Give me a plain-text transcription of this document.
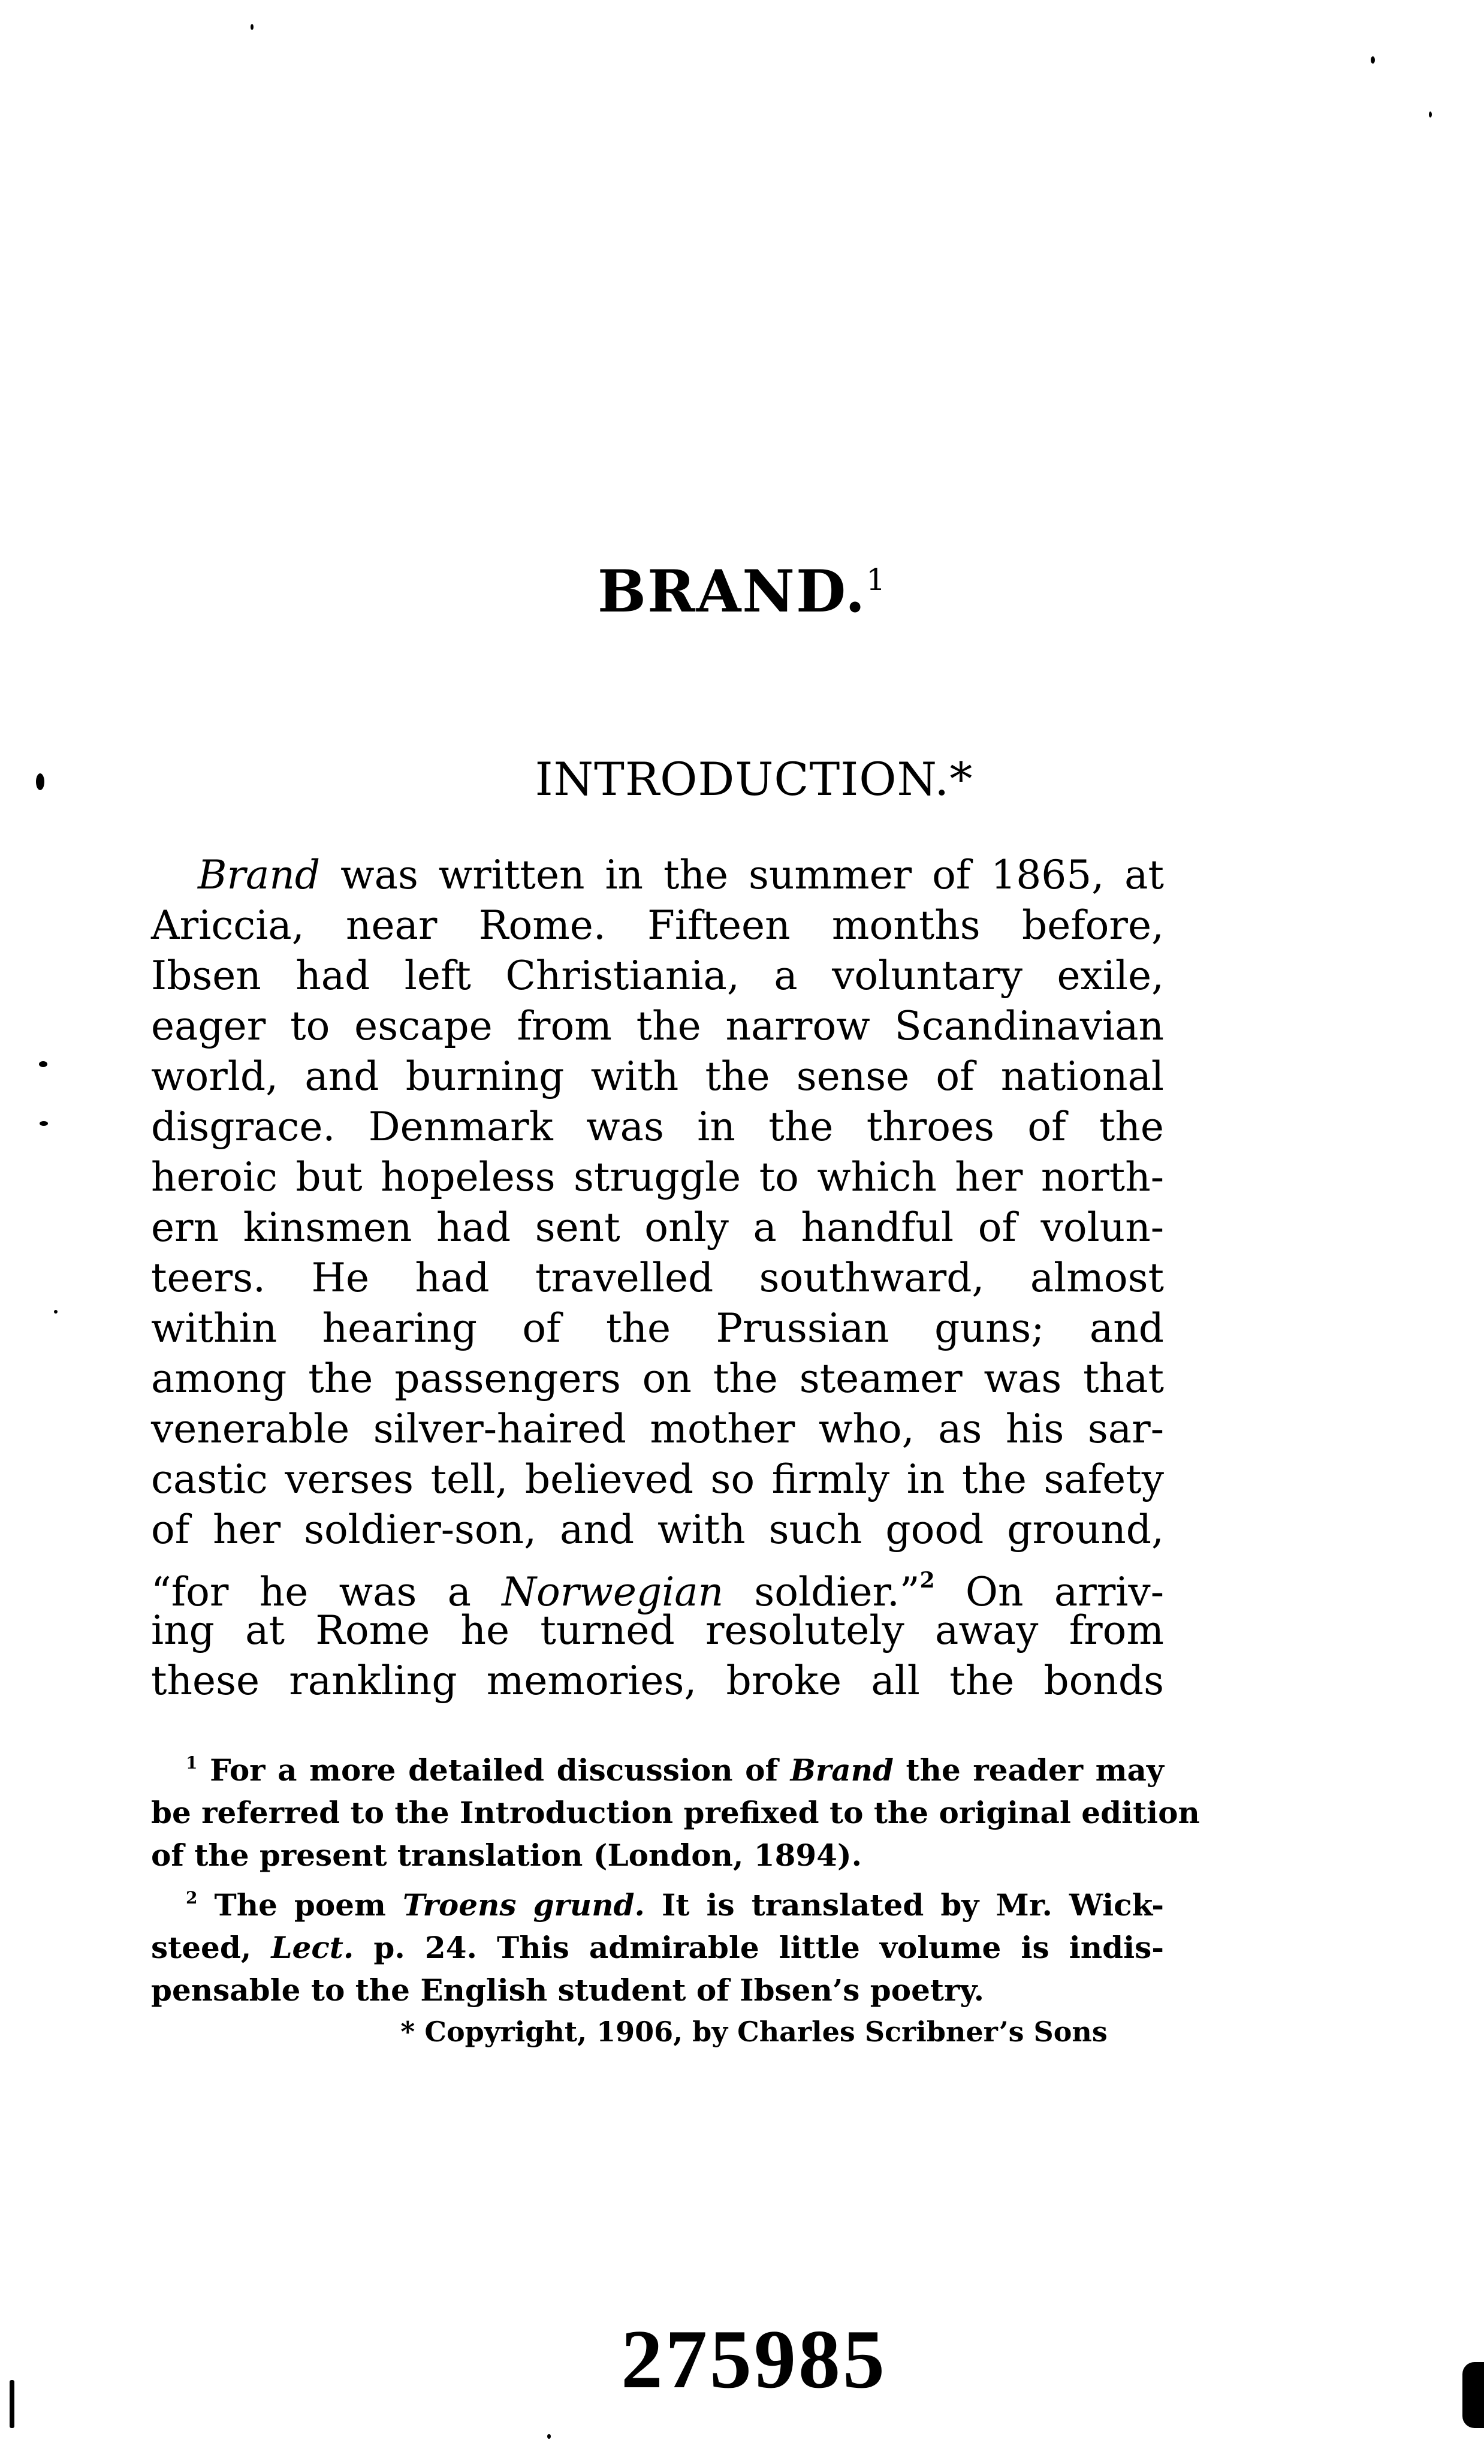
BRAND.$^1$
INTRODUCTION.*
Brand was written in the summer of 1865, at
Ariccia, near Rome. Fifteen months before,
Ibsen had left Christiania, a voluntary exile,
eager to escape from the narrow Scandinavian
world, and burning with the sense of national
disgrace. Denmark was in the throes of the
heroic but hopeless struggle to which her north-
ern kinsmen had sent only a handful of volun-
teers. He had travelled southward, almost
within hearing of the Prussian guns; and
among the passengers on the steamer was that
venerable silver-haired mother who, as his sar-
castic verses tell, believed so firmly in the safety
of her soldier-son, and with such good ground,
“for he was a Norwegian soldier.”$^2$ On arriv-
ing at Rome he turned resolutely away from
these rankling memories, broke all the bonds
$^1$ For a more detailed discussion of Brand the reader may
be referred to the Introduction prefixed to the original edition
of the present translation (London, 1894).
$^2$ The poem Troens grund. It is translated by Mr. Wick-
steed, Lect. p. 24. This admirable little volume is indis-
pensable to the English student of Ibsen’s poetry.
* Copyright, 1906, by Charles Scribner’s Sons
275985
